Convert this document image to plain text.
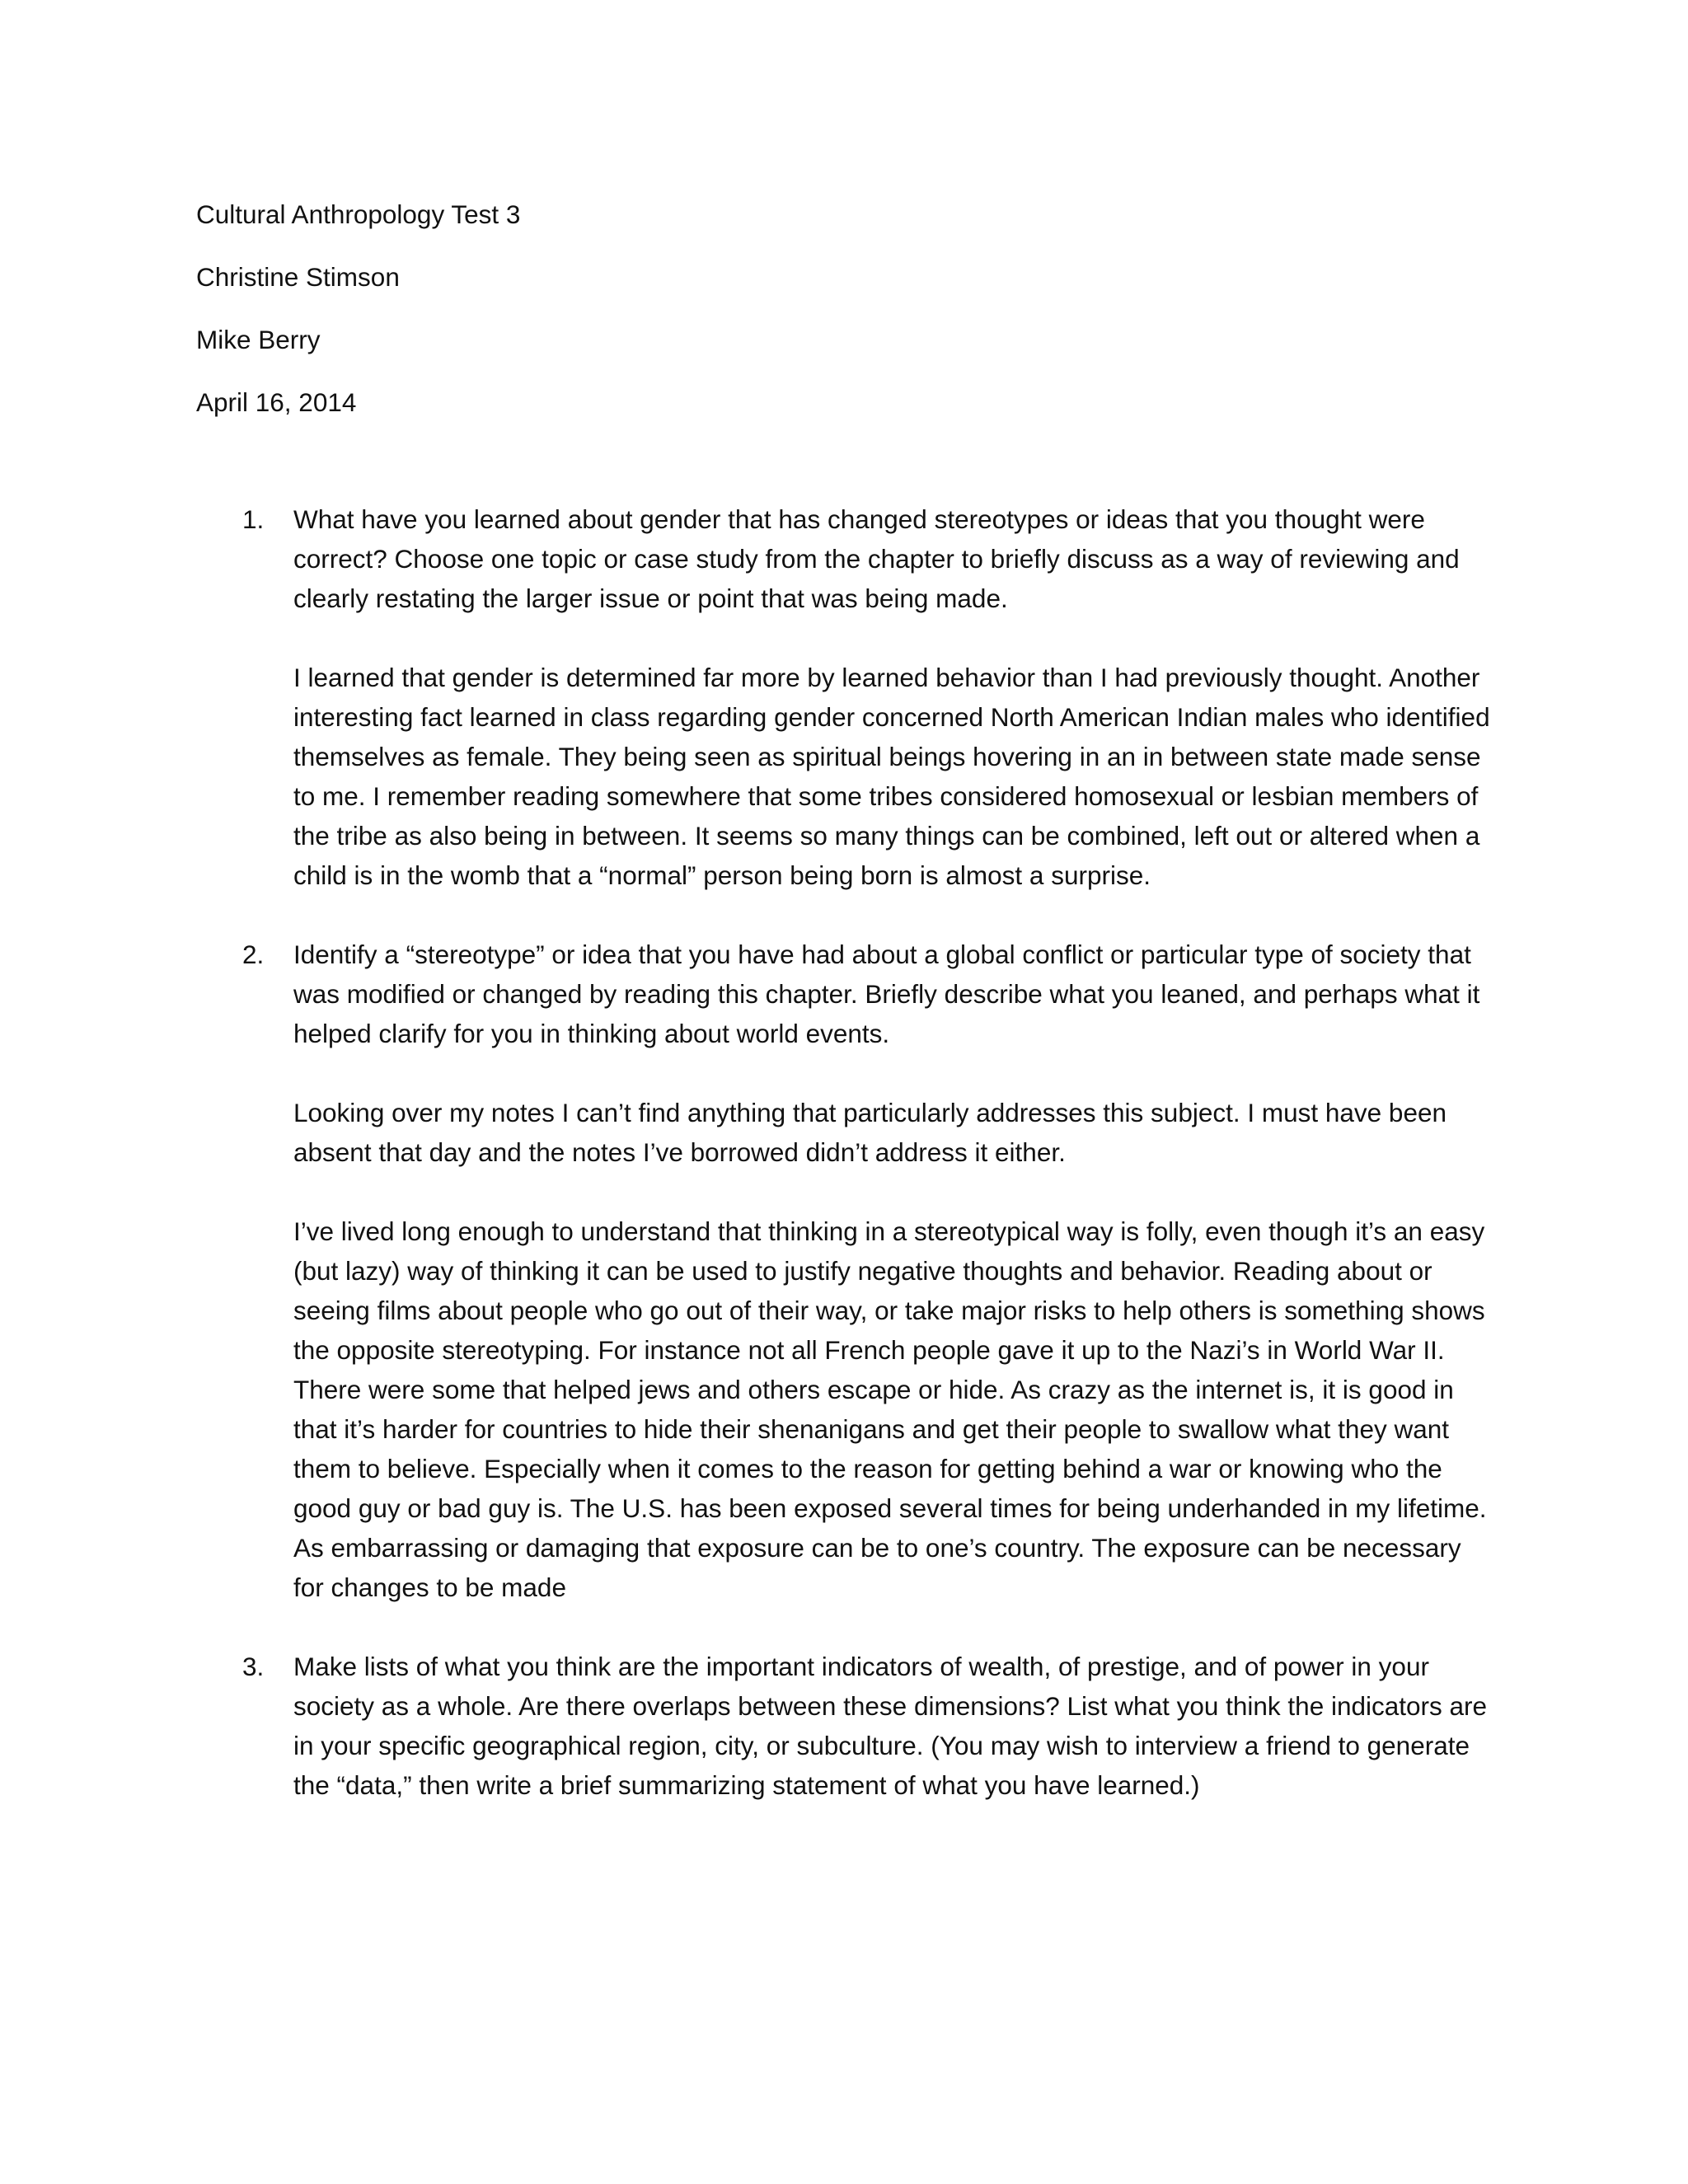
Cultural Anthropology Test 3
Christine Stimson
Mike Berry
April 16, 2014
1. What have you learned about gender that has changed stereotypes or ideas that you thought were correct? Choose one topic or case study from the chapter to briefly discuss as a way of reviewing and clearly restating the larger issue or point that was being made.

I learned that gender is determined far more by learned behavior than I had previously thought. Another interesting fact learned in class regarding gender concerned North American Indian males who identified themselves as female. They being seen as spiritual beings hovering in an in between state made sense to me. I remember reading somewhere that some tribes considered homosexual or lesbian members of the tribe as also being in between. It seems so many things can be combined, left out or altered when a child is in the womb that a “normal” person being born is almost a surprise.

2. Identify a “stereotype” or idea that you have had about a global conflict or particular type of society that was modified or changed by reading this chapter. Briefly describe what you leaned, and perhaps what it helped clarify for you in thinking about world events.

Looking over my notes I can’t find anything that particularly addresses this subject. I must have been absent that day and the notes I’ve borrowed didn’t address it either.

I’ve lived long enough to understand that thinking in a stereotypical way is folly, even though it’s an easy (but lazy) way of thinking it can be used to justify negative thoughts and behavior. Reading about or seeing films about people who go out of their way, or take major risks to help others is something shows the opposite stereotyping. For instance not all French people gave it up to the Nazi’s in World War II. There were some that helped jews and others escape or hide. As crazy as the internet is, it is good in that it’s harder for countries to hide their shenanigans and get their people to swallow what they want them to believe. Especially when it comes to the reason for getting behind a war or knowing who the good guy or bad guy is. The U.S. has been exposed several times for being underhanded in my lifetime. As embarrassing or damaging that exposure can be to one’s country. The exposure can be necessary for changes to be made

3. Make lists of what you think are the important indicators of wealth, of prestige, and of power in your society as a whole. Are there overlaps between these dimensions? List what you think the indicators are in your specific geographical region, city, or subculture. (You may wish to interview a friend to generate the “data,” then write a brief summarizing statement of what you have learned.)
